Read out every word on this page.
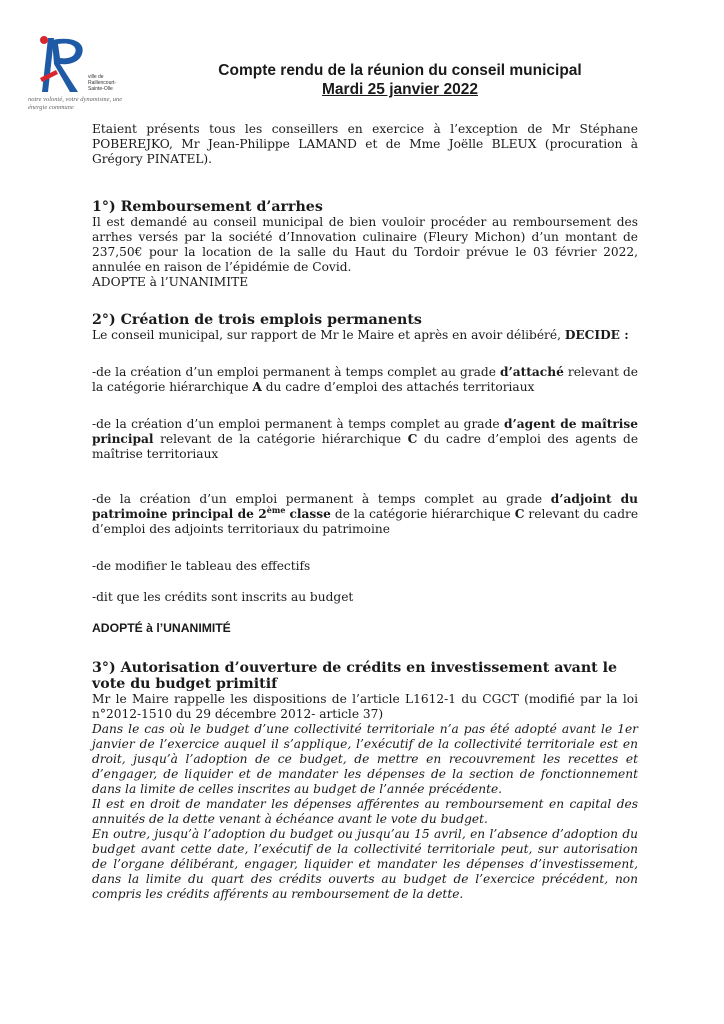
ville de
Raillencourt-Sainte-Olle
notre volonté, votre dynamisme, une énergie commune
Compte rendu de la réunion du conseil municipal
Mardi 25 janvier 2022

Etaient présents tous les conseillers en exercice à l’exception de Mr Stéphane POBEREJKO, Mr Jean-Philippe LAMAND et de Mme Joëlle BLEUX (procuration à Grégory PINATEL).

1°) Remboursement d’arrhes

Il est demandé au conseil municipal de bien vouloir procéder au remboursement des arrhes versés par la société d’Innovation culinaire (Fleury Michon) d’un montant de 237,50€ pour la location de la salle du Haut du Tordoir prévue le 03 février 2022, annulée en raison de l’épidémie de Covid.

ADOPTE à l’UNANIMITE

2°) Création de trois emplois permanents

Le conseil municipal, sur rapport de Mr le Maire et après en avoir délibéré, DECIDE :

-de la création d’un emploi permanent à temps complet au grade d’attaché relevant de la catégorie hiérarchique A du cadre d’emploi des attachés territoriaux

-de la création d’un emploi permanent à temps complet au grade d’agent de maîtrise principal relevant de la catégorie hiérarchique C du cadre d’emploi des agents de maîtrise territoriaux

-de la création d’un emploi permanent à temps complet au grade d’adjoint du patrimoine principal de 2ème classe de la catégorie hiérarchique C relevant du cadre d’emploi des adjoints territoriaux du patrimoine

-de modifier le tableau des effectifs

-dit que les crédits sont inscrits au budget

ADOPTÉ à l’UNANIMITÉ

3°) Autorisation d’ouverture de crédits en investissement avant le vote du budget primitif

Mr le Maire rappelle les dispositions de l’article L1612-1 du CGCT (modifié par la loi n°2012-1510 du 29 décembre 2012- article 37)

Dans le cas où le budget d’une collectivité territoriale n’a pas été adopté avant le 1er janvier de l’exercice auquel il s’applique, l’exécutif de la collectivité territoriale est en droit, jusqu’à l’adoption de ce budget, de mettre en recouvrement les recettes et d’engager, de liquider et de mandater les dépenses de la section de fonctionnement dans la limite de celles inscrites au budget de l’année précédente.

Il est en droit de mandater les dépenses afférentes au remboursement en capital des annuités de la dette venant à échéance avant le vote du budget.

En outre, jusqu’à l’adoption du budget ou jusqu’au 15 avril, en l’absence d’adoption du budget avant cette date, l’exécutif de la collectivité territoriale peut, sur autorisation de l’organe délibérant, engager, liquider et mandater les dépenses d’investissement, dans la limite du quart des crédits ouverts au budget de l’exercice précédent, non compris les crédits afférents au remboursement de la dette.
